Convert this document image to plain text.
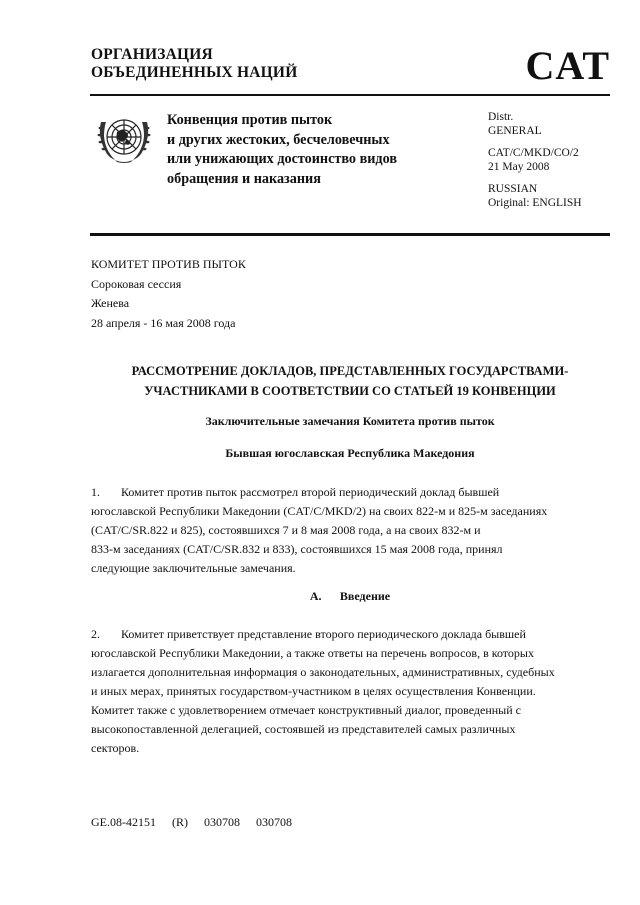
ОРГАНИЗАЦИЯ
ОБЪЕДИНЕННЫХ НАЦИЙ	CAT
Конвенция против пыток
и других жестоких, бесчеловечных
или унижающих достоинство видов
обращения и наказания
Distr.
GENERAL
CAT/C/MKD/CO/2
21 May 2008
RUSSIAN
Original: ENGLISH
КОМИТЕТ ПРОТИВ ПЫТОК
Сороковая сессия
Женева
28 апреля - 16 мая 2008 года
РАССМОТРЕНИЕ ДОКЛАДОВ, ПРЕДСТАВЛЕННЫХ ГОСУДАРСТВАМИ-
УЧАСТНИКАМИ В СООТВЕТСТВИИ СО СТАТЬЕЙ 19 КОНВЕНЦИИ
Заключительные замечания Комитета против пыток
Бывшая югославская Республика Македония
1. Комитет против пыток рассмотрел второй периодический доклад бывшей
югославской Республики Македонии (CAT/C/MKD/2) на своих 822-м и 825-м заседаниях
(CAT/C/SR.822 и 825), состоявшихся 7 и 8 мая 2008 года, а на своих 832-м и
833-м заседаниях (CAT/C/SR.832 и 833), состоявшихся 15 мая 2008 года, принял
следующие заключительные замечания.
A. Введение
2. Комитет приветствует представление второго периодического доклада бывшей
югославской Республики Македонии, а также ответы на перечень вопросов, в которых
излагается дополнительная информация о законодательных, административных, судебных
и иных мерах, принятых государством-участником в целях осуществления Конвенции.
Комитет также с удовлетворением отмечает конструктивный диалог, проведенный с
высокопоставленной делегацией, состоявшей из представителей самых различных
секторов.
GE.08-42151 (R) 030708 030708
